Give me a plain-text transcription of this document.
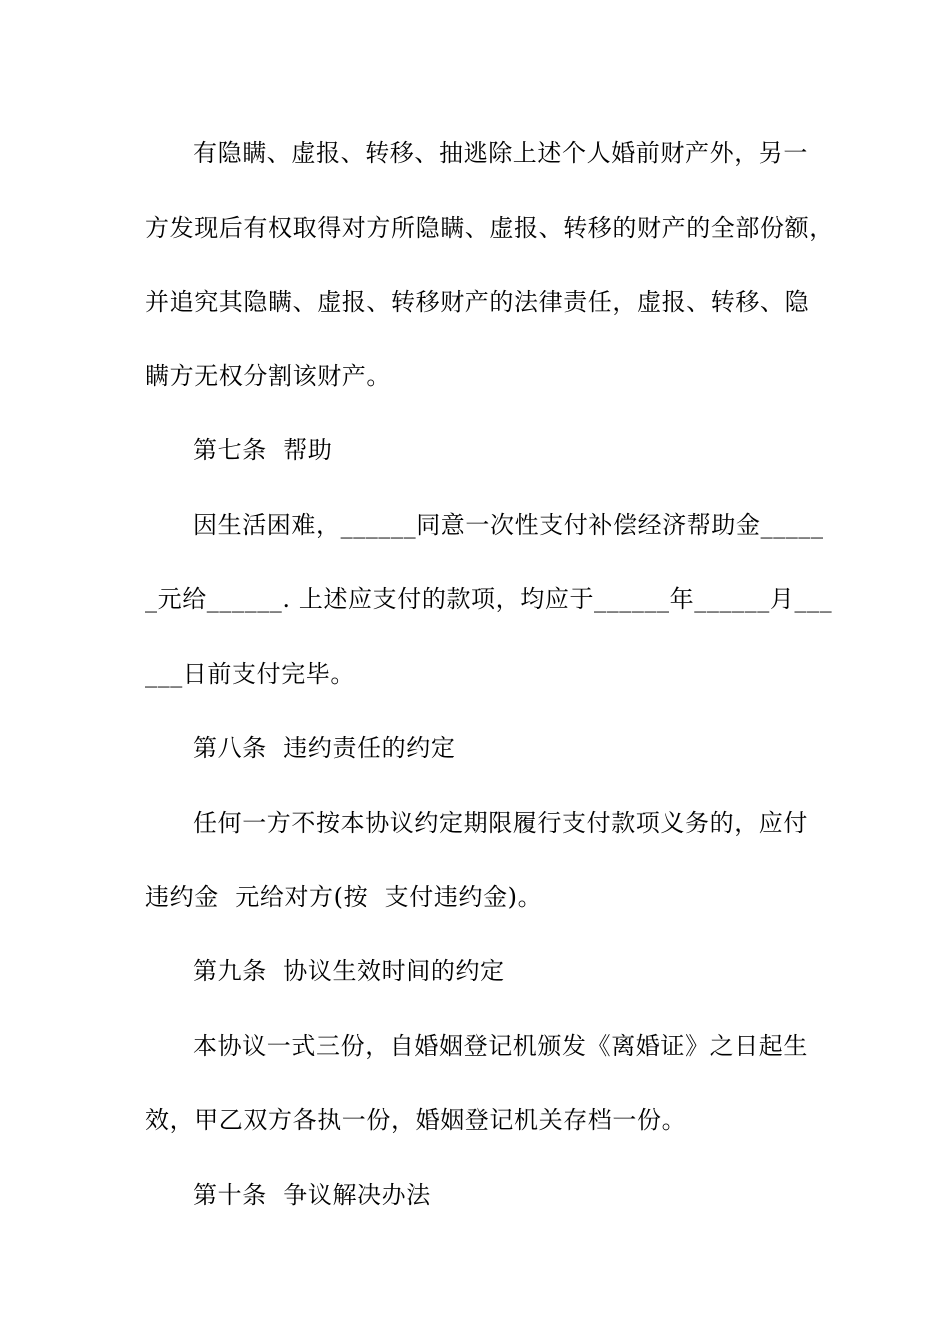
有隐瞒、虚报、转移、抽逃除上述个人婚前财产外，另一
方发现后有权取得对方所隐瞒、虚报、转移的财产的全部份额，
并追究其隐瞒、虚报、转移财产的法律责任，虚报、转移、隐
瞒方无权分割该财产。
第七条  帮助
因生活困难，______同意一次性支付补偿经济帮助金_____
_元给______. 上述应支付的款项，均应于______年______月___
___日前支付完毕。
第八条  违约责任的约定
任何一方不按本协议约定期限履行支付款项义务的，应付
违约金  元给对方(按  支付违约金)。
第九条  协议生效时间的约定
本协议一式三份，自婚姻登记机颁发《离婚证》之日起生
效，甲乙双方各执一份，婚姻登记机关存档一份。
第十条  争议解决办法
